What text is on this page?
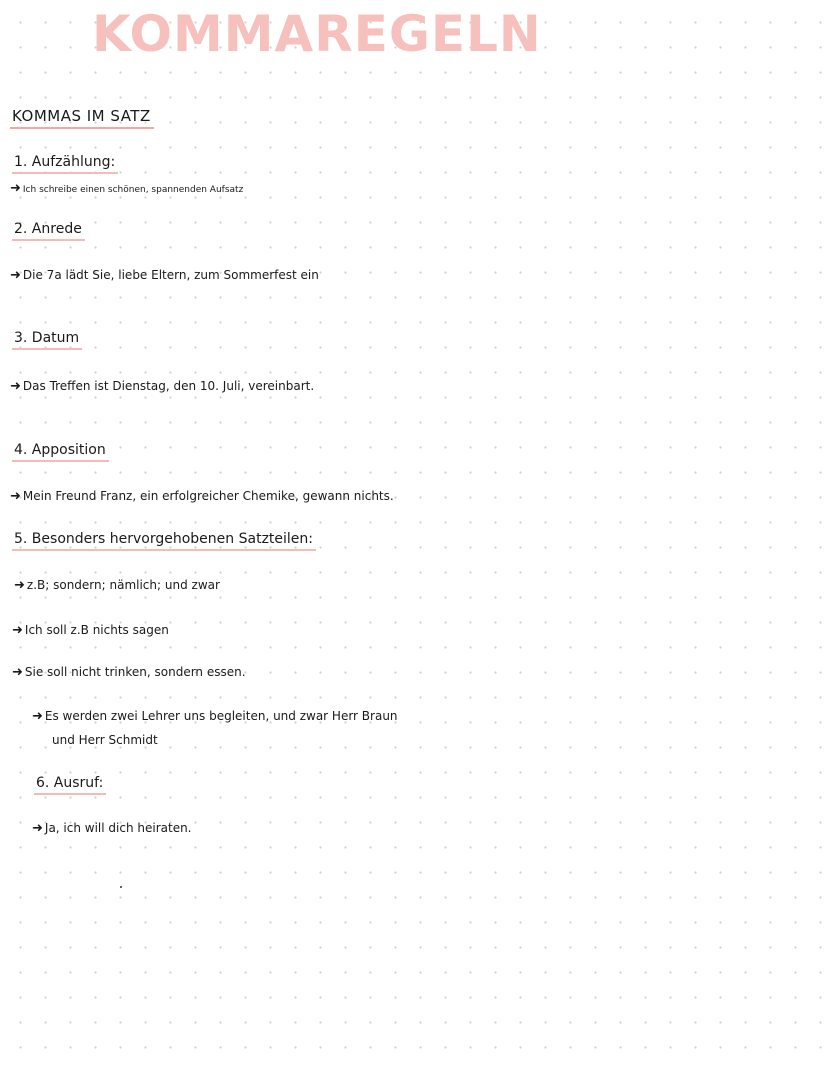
KOMMAREGELN
KOMMAS IM SATZ
1. Aufzählung:
➜ Ich schreibe einen schönen, spannenden Aufsatz
2. Anrede
➜ Die 7a lädt Sie, liebe Eltern, zum Sommerfest ein
3. Datum
➜ Das Treffen ist Dienstag, den 10. Juli, vereinbart.
4. Apposition
➜ Mein Freund Franz, ein erfolgreicher Chemike, gewann nichts.
5. Besonders hervorgehobenen Satzteilen:
➜ z.B; sondern; nämlich; und zwar
➜ Ich soll z.B nichts sagen
➜ Sie soll nicht trinken, sondern essen.
➜ Es werden zwei Lehrer uns begleiten, und zwar Herr Braun
und Herr Schmidt
6. Ausruf:
➜ Ja, ich will dich heiraten.
